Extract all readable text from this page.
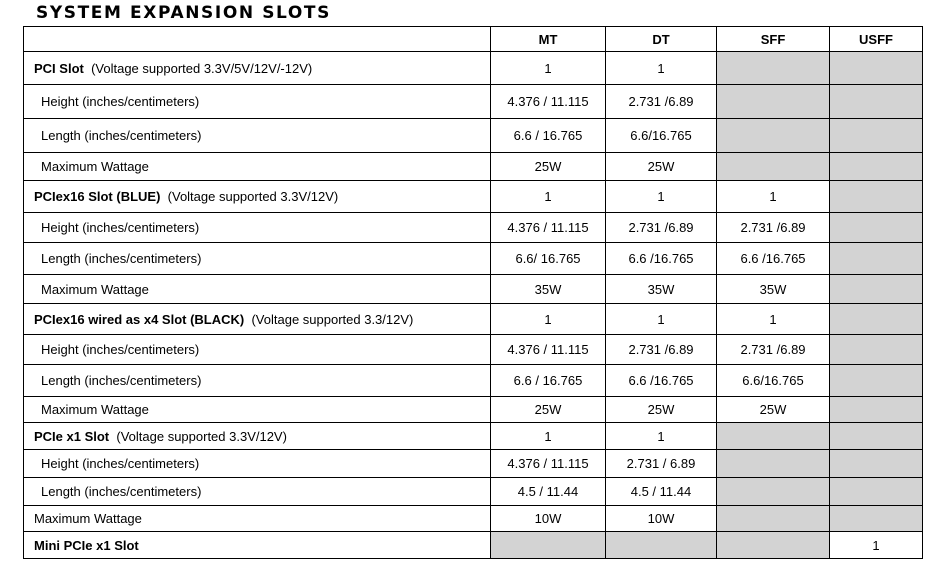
SYSTEM EXPANSION SLOTS
	MT	DT	SFF	USFF
PCI Slot (Voltage supported 3.3V/5V/12V/-12V)	1	1		
Height (inches/centimeters)	4.376 / 11.115	2.731 /6.89		
Length (inches/centimeters)	6.6 / 16.765	6.6/16.765		
Maximum Wattage	25W	25W		
PCIex16 Slot (BLUE) (Voltage supported 3.3V/12V)	1	1	1	
Height (inches/centimeters)	4.376 / 11.115	2.731 /6.89	2.731 /6.89	
Length (inches/centimeters)	6.6/ 16.765	6.6 /16.765	6.6 /16.765	
Maximum Wattage	35W	35W	35W	
PCIex16 wired as x4 Slot (BLACK) (Voltage supported 3.3/12V)	1	1	1	
Height (inches/centimeters)	4.376 / 11.115	2.731 /6.89	2.731 /6.89	
Length (inches/centimeters)	6.6 / 16.765	6.6 /16.765	6.6/16.765	
Maximum Wattage	25W	25W	25W	
PCIe x1 Slot (Voltage supported 3.3V/12V)	1	1		
Height (inches/centimeters)	4.376 / 11.115	2.731 / 6.89		
Length (inches/centimeters)	4.5 / 11.44	4.5 / 11.44		
Maximum Wattage	10W	10W		
Mini PCIe x1 Slot				1
